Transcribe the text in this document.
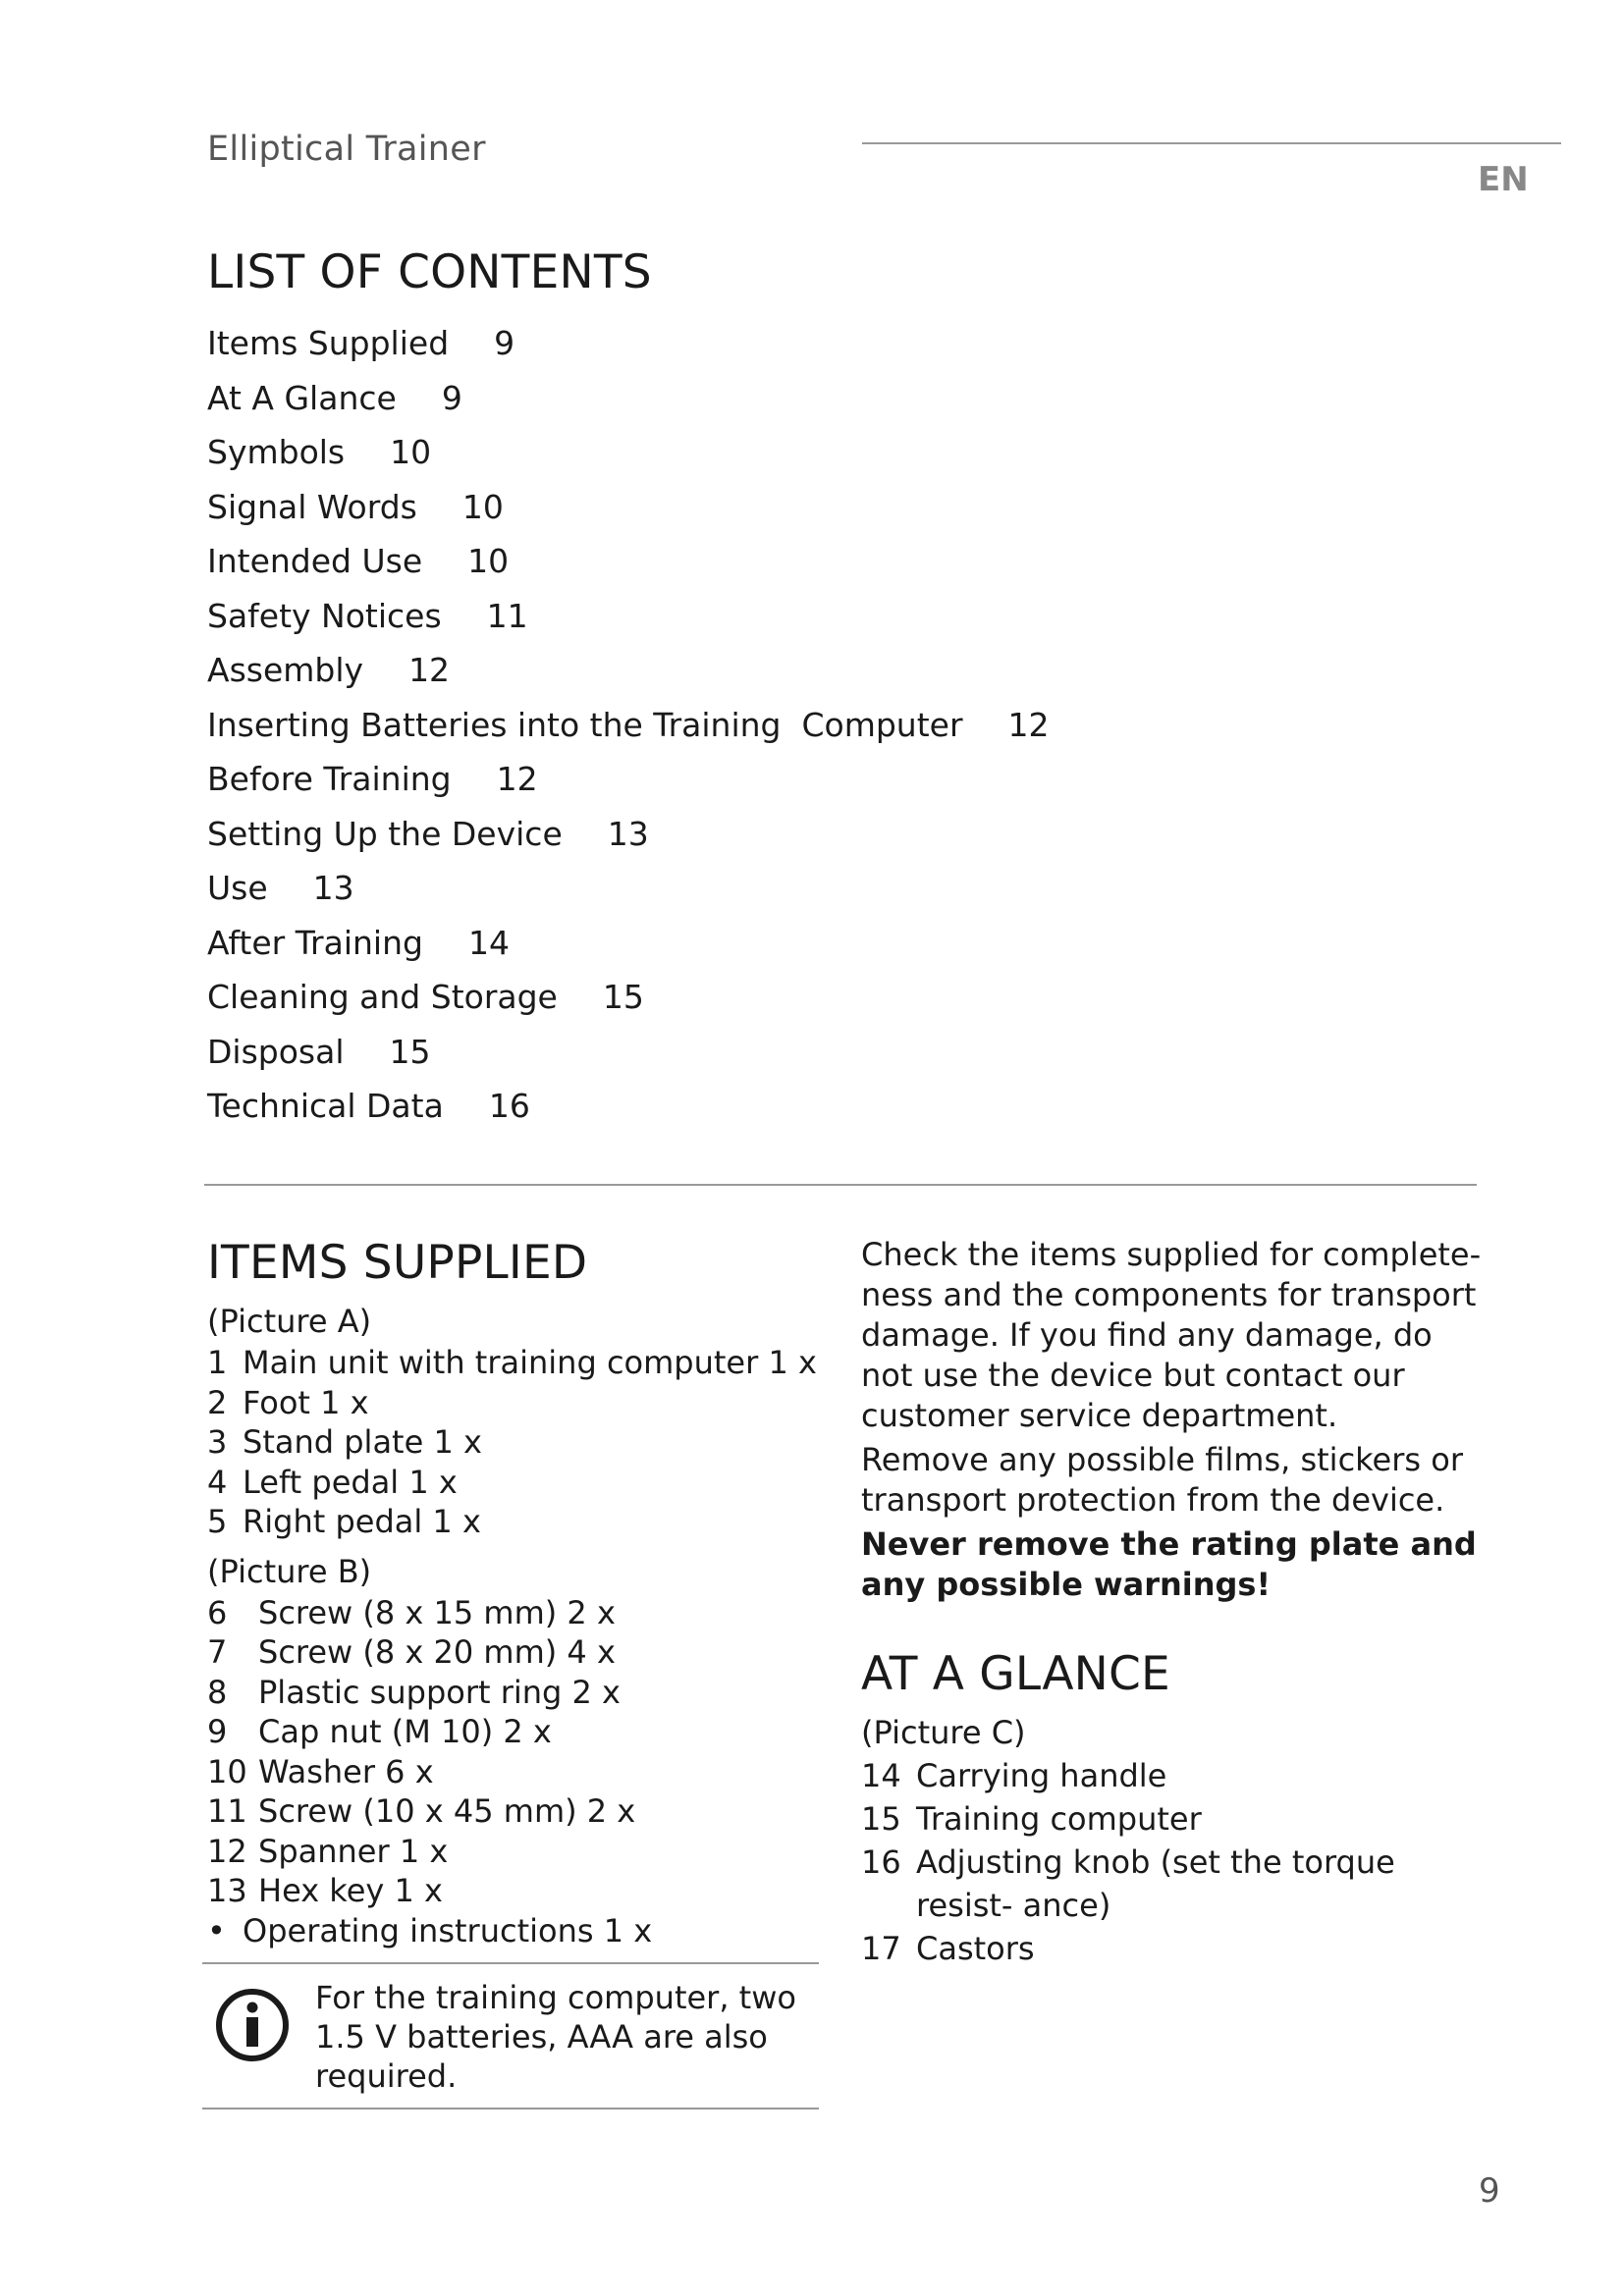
Elliptical Trainer
EN
LIST OF CONTENTS
Items Supplied 9
At A Glance 9
Symbols 10
Signal Words 10
Intended Use 10
Safety Notices 11
Assembly 12
Inserting Batteries into the Training  Computer 12
Before Training 12
Setting Up the Device 13
Use 13
After Training 14
Cleaning and Storage 15
Disposal 15
Technical Data 16
ITEMS SUPPLIED
(Picture A)
1 Main unit with training computer 1 x
2 Foot 1 x
3 Stand plate 1 x
4 Left pedal 1 x
5 Right pedal 1 x
(Picture B)
6 Screw (8 x 15 mm) 2 x
7 Screw (8 x 20 mm) 4 x
8 Plastic support ring 2 x
9 Cap nut (M 10) 2 x
10 Washer 6 x
11 Screw (10 x 45 mm) 2 x
12 Spanner 1 x
13 Hex key 1 x
• Operating instructions 1 x
For the training computer, two 1.5 V batteries, AAA are also required.

Check the items supplied for complete- ness and the components for transport damage. If you find any damage, do not use the device but contact our customer service department.

Remove any possible films, stickers or transport protection from the device.

Never remove the rating plate and any possible warnings!

AT A GLANCE
(Picture C)
14 Carrying handle
15 Training computer
16 Adjusting knob (set the torque resist- ance)
17 Castors
9
